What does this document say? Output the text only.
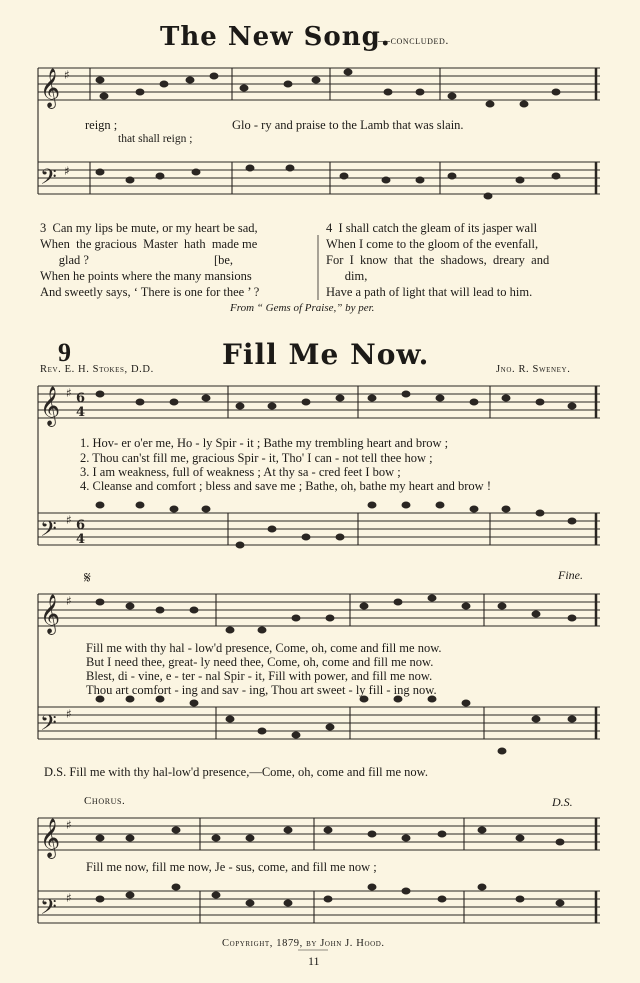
The New Song.
—concluded.
𝄞
𝄢
𝄞
𝄢
𝄞
𝄢
𝄞
𝄢
♯
♯
♯ 6
4
♯ 6
4
♯
♯
♯
♯
𝄋
reign ;
that shall reign ;
Glo - ry and praise to the Lamb that was slain.
3  Can my lips be mute, or my heart be sad,
When  the gracious  Master  hath  made me
glad ?                                        [be,
When he points where the many mansions
And sweetly says, ‘ There is one for thee ’ ?
4  I shall catch the gleam of its jasper wall
When I come to the gloom of the evenfall,
For  I  know  that  the  shadows,  dreary  and
dim,
Have a path of light that will lead to him.
From “ Gems of Praise,” by per.
9	Fill Me Now.
Rev. E. H. Stokes, D.D.	Jno. R. Sweney.
1. Hov- er o'er me, Ho - ly Spir - it ; Bathe my trembling heart and brow ;
2. Thou can'st fill me, gracious Spir - it, Tho' I can - not tell thee how ;
3. I am weakness, full of weakness ; At thy sa - cred feet I bow ;
4. Cleanse and comfort ; bless and save me ; Bathe, oh, bathe my heart and brow !
Fine.
Fill me with thy hal - low'd presence, Come, oh, come and fill me now.
But I need thee, great- ly need thee, Come, oh, come and fill me now.
Blest, di - vine, e - ter - nal Spir - it, Fill with power, and fill me now.
Thou art comfort - ing and sav - ing, Thou art sweet - ly fill - ing now.
D.S. Fill me with thy hal-low'd presence,—Come, oh, come and fill me now.
Chorus.	D.S.
Fill me now, fill me now, Je - sus, come, and fill me now ;
Copyright, 1879, by John J. Hood.
11
